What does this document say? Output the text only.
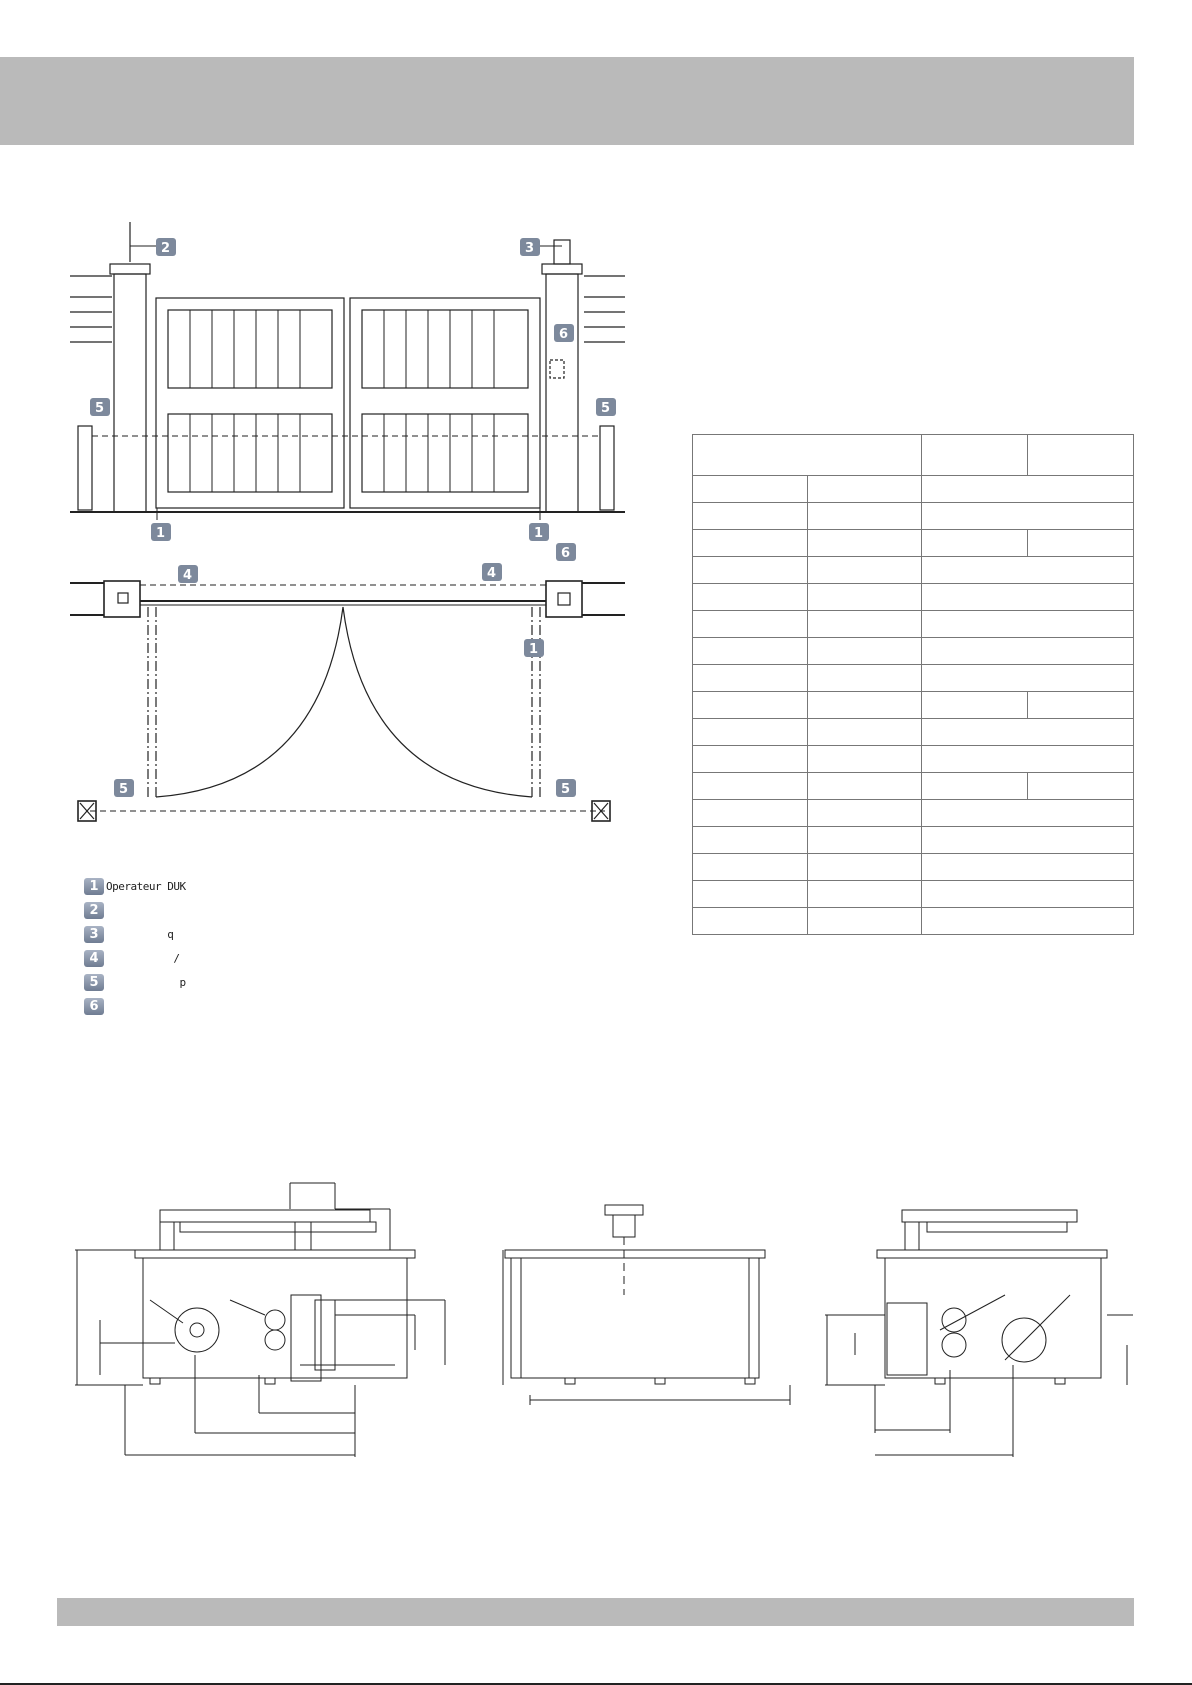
2	3
6
5	5
4	4
6
1
5	5
1	1
1 Operateur DUK
2
3 q
4 /
5 p
6
